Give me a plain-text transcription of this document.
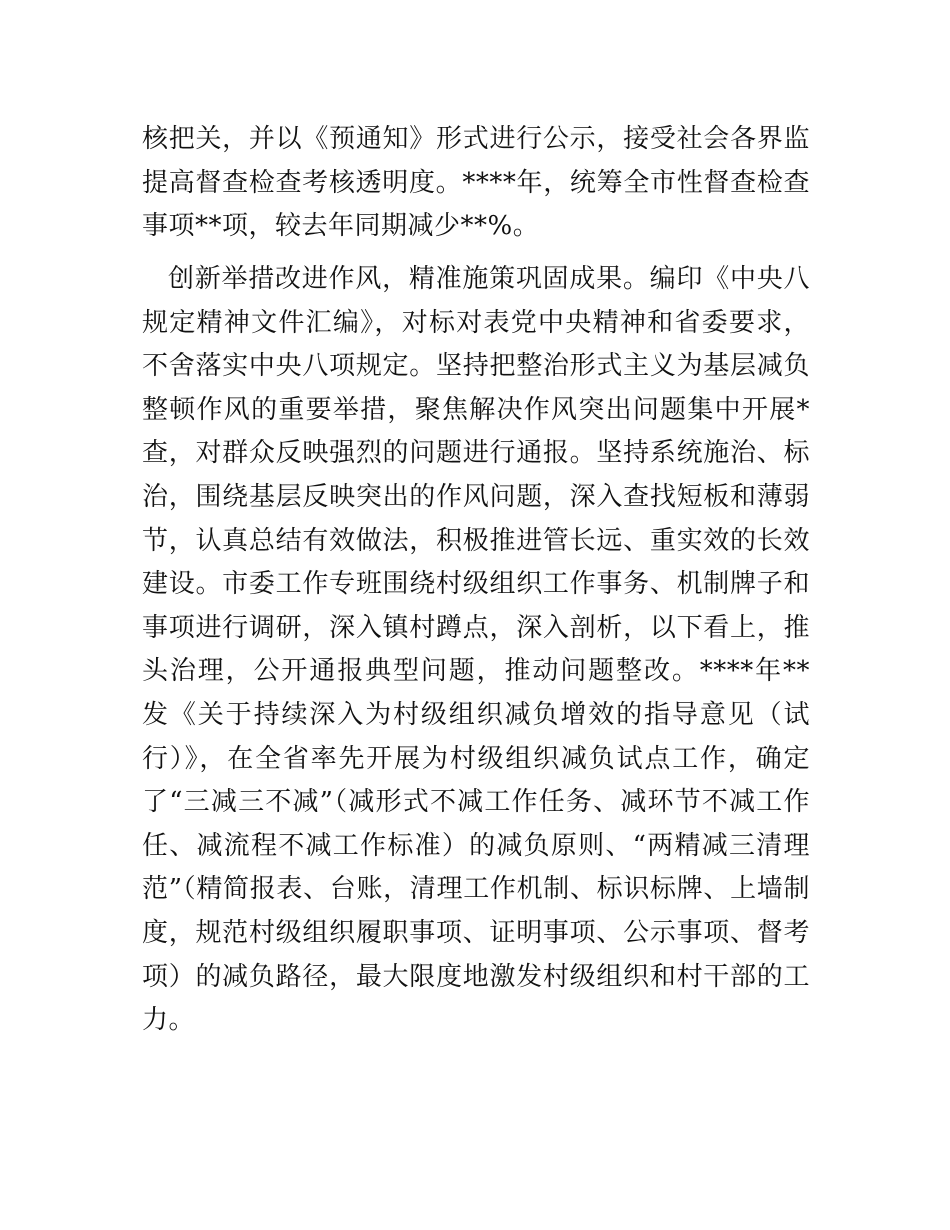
核把关，并以《预通知》形式进行公示，接受社会各界监
提高督查检查考核透明度。****年，统筹全市性督查检查
事项**项，较去年同期减少**%。
创新举措改进作风，精准施策巩固成果。编印《中央八
规定精神文件汇编》，对标对表党中央精神和省委要求，
不舍落实中央八项规定。坚持把整治形式主义为基层减负
整顿作风的重要举措，聚焦解决作风突出问题集中开展*
查，对群众反映强烈的问题进行通报。坚持系统施治、标
治，围绕基层反映突出的作风问题，深入查找短板和薄弱
节，认真总结有效做法，积极推进管长远、重实效的长效
建设。市委工作专班围绕村级组织工作事务、机制牌子和
事项进行调研，深入镇村蹲点，深入剖析，以下看上，推
头治理，公开通报典型问题，推动问题整改。****年**
发《关于持续深入为村级组织减负增效的指导意见（试
行）》，在全省率先开展为村级组织减负试点工作，确定
了“三减三不减”（减形式不减工作任务、减环节不减工作
任、减流程不减工作标准）的减负原则、“两精减三清理
范”（精简报表、台账，清理工作机制、标识标牌、上墙制
度，规范村级组织履职事项、证明事项、公示事项、督考
项）的减负路径，最大限度地激发村级组织和村干部的工
力。
